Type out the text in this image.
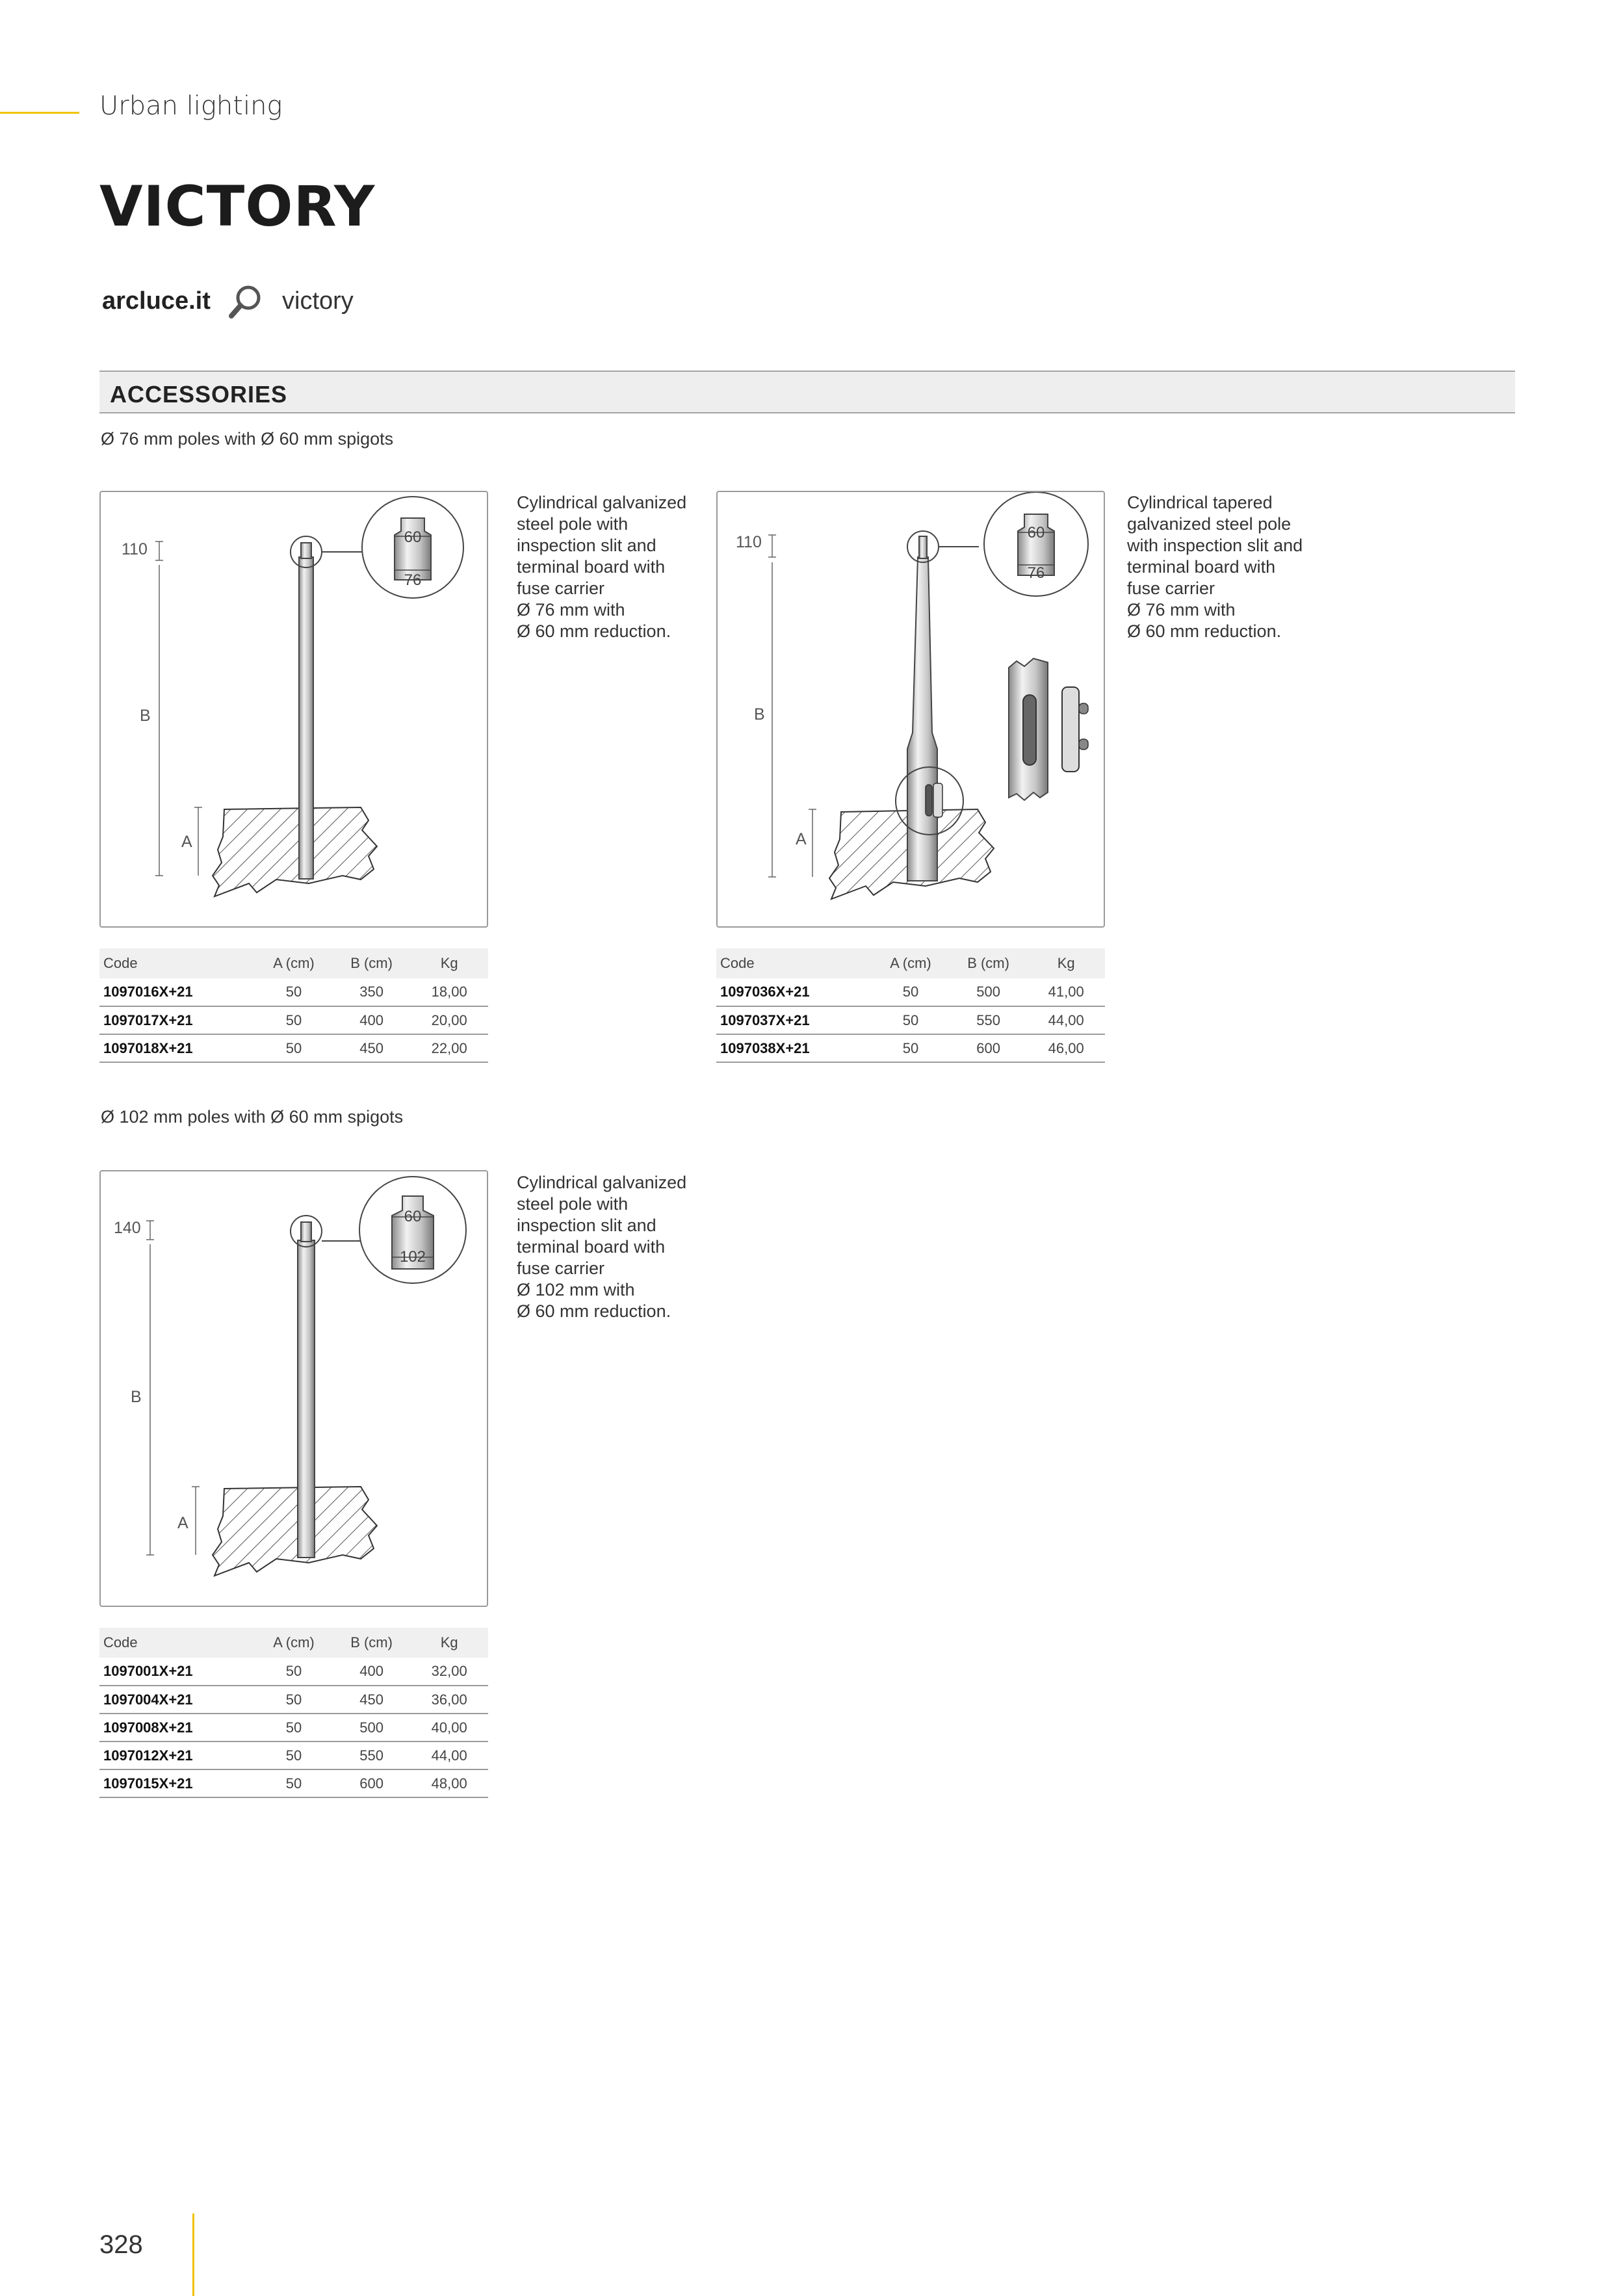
Urban lighting
VICTORY
arcluce.it	victory
ACCESSORIES
Ø 76 mm poles with Ø 60 mm spigots
110
B
A
60
76
Cylindrical galvanized
steel pole with
inspection slit and
terminal board with
fuse carrier
Ø 76 mm with
Ø 60 mm reduction.
Code	A (cm)	B (cm)	Kg
1097016X+21	50	350	18,00
1097017X+21	50	400	20,00
1097018X+21	50	450	22,00
110
B
A
60
76
Cylindrical tapered
galvanized steel pole
with inspection slit and
terminal board with
fuse carrier
Ø 76 mm with
Ø 60 mm reduction.
Code	A (cm)	B (cm)	Kg
1097036X+21	50	500	41,00
1097037X+21	50	550	44,00
1097038X+21	50	600	46,00
Ø 102 mm poles with Ø 60 mm spigots
140
B
A
60
102
Cylindrical galvanized
steel pole with
inspection slit and
terminal board with
fuse carrier
Ø 102 mm with
Ø 60 mm reduction.
Code	A (cm)	B (cm)	Kg
1097001X+21	50	400	32,00
1097004X+21	50	450	36,00
1097008X+21	50	500	40,00
1097012X+21	50	550	44,00
1097015X+21	50	600	48,00
328
